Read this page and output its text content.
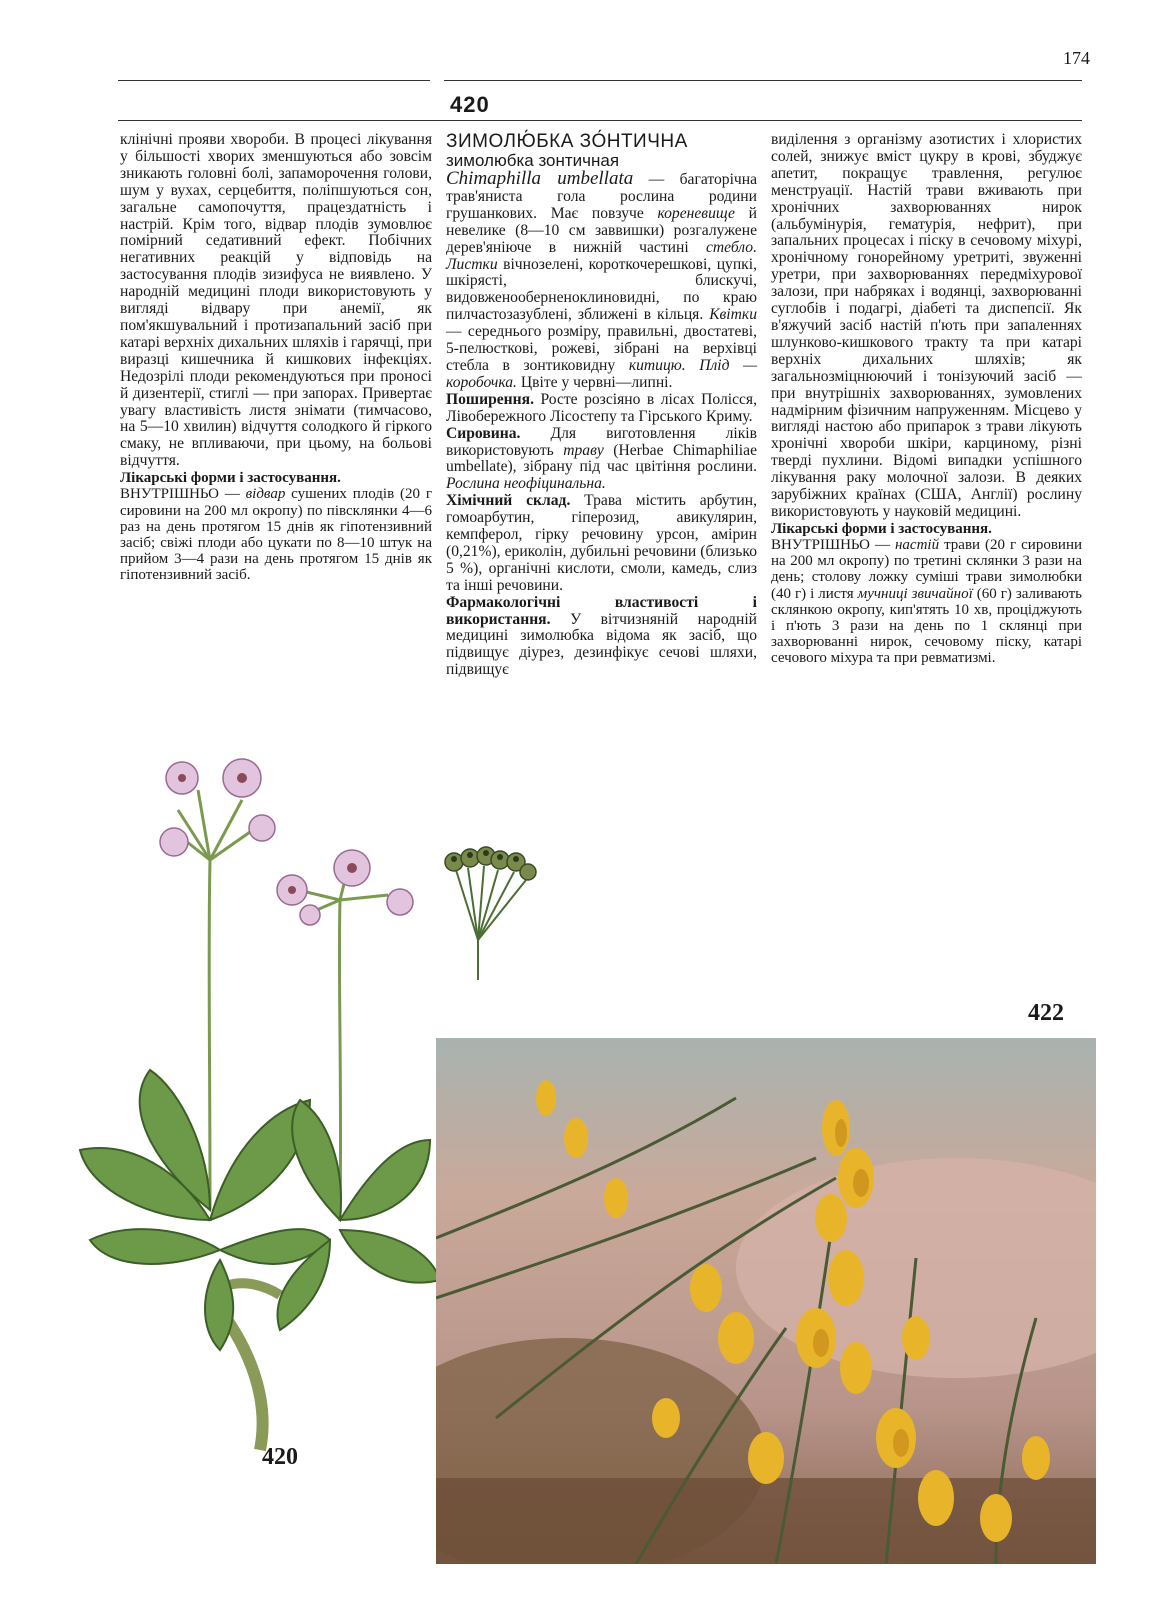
174
420

клінічні прояви хвороби. В процесі лікування у більшості хворих зменшуються або зовсім зникають головні болі, запаморочення голови, шум у вухах, серцебиття, поліпшуються сон, загальне самопочуття, працездатність і настрій. Крім того, відвар плодів зумовлює помірний седативний ефект. Побічних негативних реакцій у відповідь на застосування плодів зизифуса не виявлено. У народній медицині плоди використовують у вигляді відвару при анемії, як пом'якшувальний і протизапальний засіб при катарі верхніх дихальних шляхів і гарячці, при виразці кишечника й кишкових інфекціях. Недозрілі плоди рекомендуються при проносі й дизентерії, стиглі — при запорах. Привертає увагу властивість листя знімати (тимчасово, на 5—10 хвилин) відчуття солодкого й гіркого смаку, не впливаючи, при цьому, на больові відчуття.

Лікарські форми і застосування.

ВНУТРІШНЬО — відвар сушених плодів (20 г сировини на 200 мл окропу) по півсклянки 4—6 раз на день протягом 15 днів як гіпотензивний засіб; свіжі плоди або цукати по 8—10 штук на прийом 3—4 рази на день протягом 15 днів як гіпотензивний засіб.

ЗИМОЛЮ́БКА ЗО́НТИЧНА
зимолюбка зонтичная

Chimaphilla umbellata — багаторічна трав'яниста гола рослина родини грушанкових. Має повзуче кореневище й невелике (8—10 см заввишки) розгалужене дерев'яніюче в нижній частині стебло. Листки вічнозелені, короткочерешкові, цупкі, шкірясті, блискучі, видовженооберненоклиновидні, по краю пилчастозазублені, зближені в кільця. Квітки — середнього розміру, правильні, двостатеві, 5-пелюсткові, рожеві, зібрані на верхівці стебла в зонтиковидну китицю. Плід — коробочка. Цвіте у червні—липні.

Поширення. Росте розсіяно в лісах Полісся, Лівобережного Лісостепу та Гірського Криму.

Сировина. Для виготовлення ліків використовують траву (Herbae Chimaphiliae umbellate), зібрану під час цвітіння рослини. Рослина неофіцинальна.

Хімічний склад. Трава містить арбутин, гомоарбутин, гіперозид, авикулярин, кемпферол, гірку речовину урсон, амірин (0,21%), ериколін, дубильні речовини (близько 5 %), органічні кислоти, смоли, камедь, слиз та інші речовини.

Фармакологічні властивості і використання. У вітчизняній народній медицині зимолюбка відома як засіб, що підвищує діурез, дезинфікує сечові шляхи, підвищує

виділення з організму азотистих і хлористих солей, знижує вміст цукру в крові, збуджує апетит, покращує травлення, регулює менструації. Настій трави вживають при хронічних захворюваннях нирок (альбумінурія, гематурія, нефрит), при запальних процесах і піску в сечовому міхурі, хронічному гонорейному уретриті, звуженні уретри, при захворюваннях передміхурової залози, при набряках і водянці, захворюванні суглобів і подагрі, діабеті та диспепсії. Як в'яжучий засіб настій п'ють при запаленнях шлунково-кишкового тракту та при катарі верхніх дихальних шляхів; як загальнозміцнюючий і тонізуючий засіб — при внутрішніх захворюваннях, зумовлених надмірним фізичним напруженням. Місцево у вигляді настою або припарок з трави лікують хронічні хвороби шкіри, карциному, різні тверді пухлини. Відомі випадки успішного лікування раку молочної залози. В деяких зарубіжних країнах (США, Англії) рослину використовують у науковій медицині.

Лікарські форми і застосування.

ВНУТРІШНЬО — настій трави (20 г сировини на 200 мл окропу) по третині склянки 3 рази на день; столову ложку суміші трави зимолюбки (40 г) і листя мучниці звичайної (60 г) заливають склянкою окропу, кип'ятять 10 хв, проціджують і п'ють 3 рази на день по 1 склянці при захворюванні нирок, сечовому піску, катарі сечового міхура та при ревматизмі.

420
422
